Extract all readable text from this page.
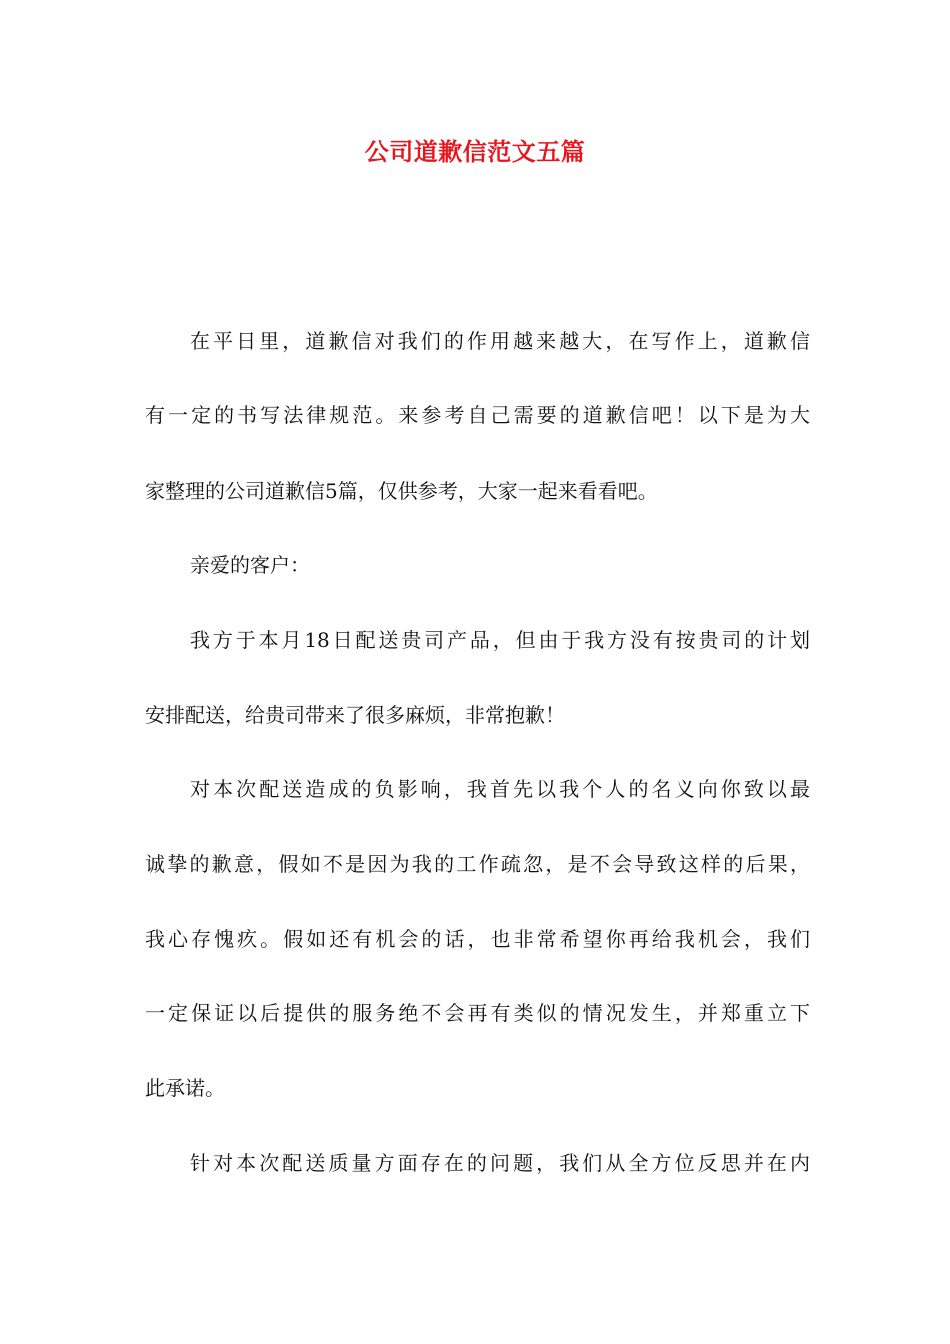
公司道歉信范文五篇
在平日里，道歉信对我们的作用越来越大，在写作上，道歉信
有一定的书写法律规范。来参考自己需要的道歉信吧！以下是为大
家整理的公司道歉信5篇，仅供参考，大家一起来看看吧。
亲爱的客户：
我方于本月18日配送贵司产品，但由于我方没有按贵司的计划
安排配送，给贵司带来了很多麻烦，非常抱歉！
对本次配送造成的负影响，我首先以我个人的名义向你致以最
诚挚的歉意，假如不是因为我的工作疏忽，是不会导致这样的后果，
我心存愧疚。假如还有机会的话，也非常希望你再给我机会，我们
一定保证以后提供的服务绝不会再有类似的情况发生，并郑重立下
此承诺。
针对本次配送质量方面存在的问题，我们从全方位反思并在内
